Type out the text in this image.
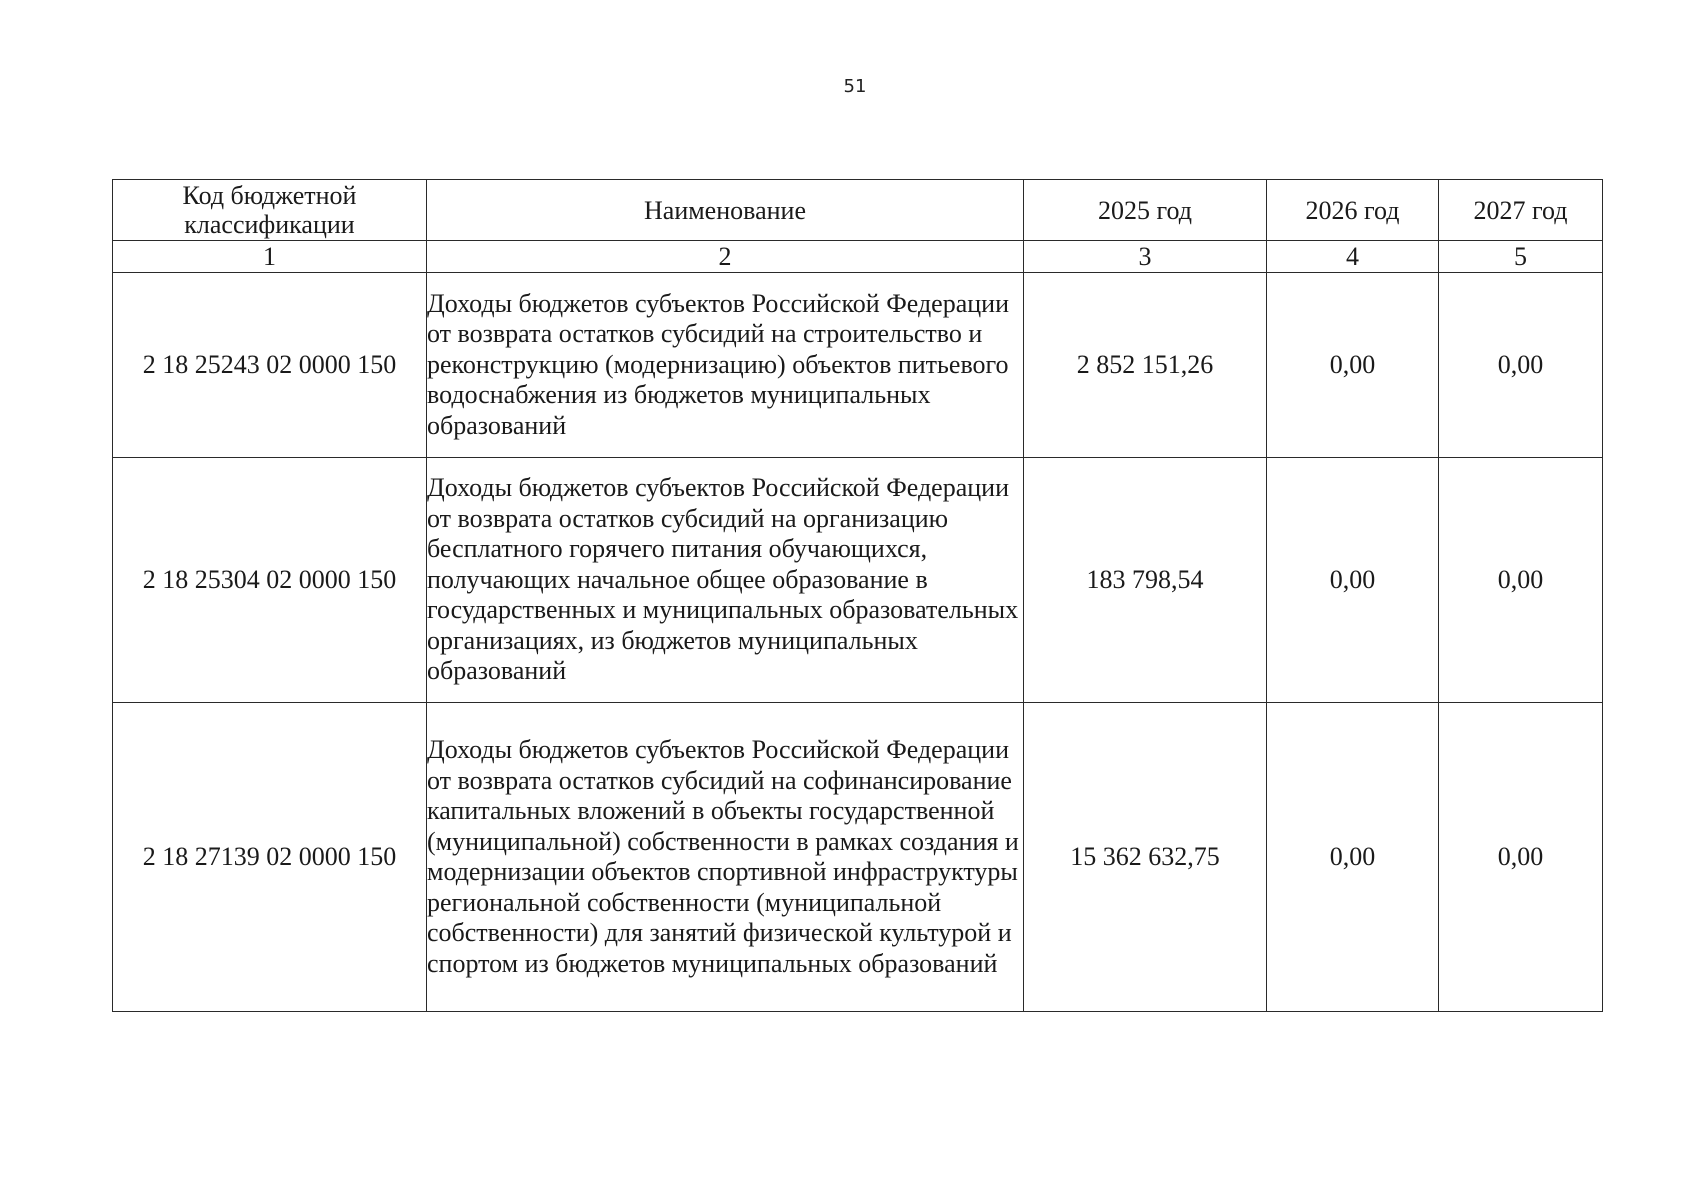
51
Код бюджетной классификации	Наименование	2025 год	2026 год	2027 год
1	2	3	4	5
2 18 25243 02 0000 150	Доходы бюджетов субъектов Российской Федерации от возврата остатков субсидий на строительство и реконструкцию (модернизацию) объектов питьевого водоснабжения из бюджетов муниципальных образований	2 852 151,26	0,00	0,00
2 18 25304 02 0000 150	Доходы бюджетов субъектов Российской Федерации от возврата остатков субсидий на организацию бесплатного горячего питания обучающихся, получающих начальное общее образование в государственных и муниципальных образовательных организациях, из бюджетов муниципальных образований	183 798,54	0,00	0,00
2 18 27139 02 0000 150	Доходы бюджетов субъектов Российской Федерации от возврата остатков субсидий на софинансирование капитальных вложений в объекты государственной (муниципальной) собственности в рамках создания и модернизации объектов спортивной инфраструктуры региональной собственности (муниципальной собственности) для занятий физической культурой и спортом из бюджетов муниципальных образований	15 362 632,75	0,00	0,00
